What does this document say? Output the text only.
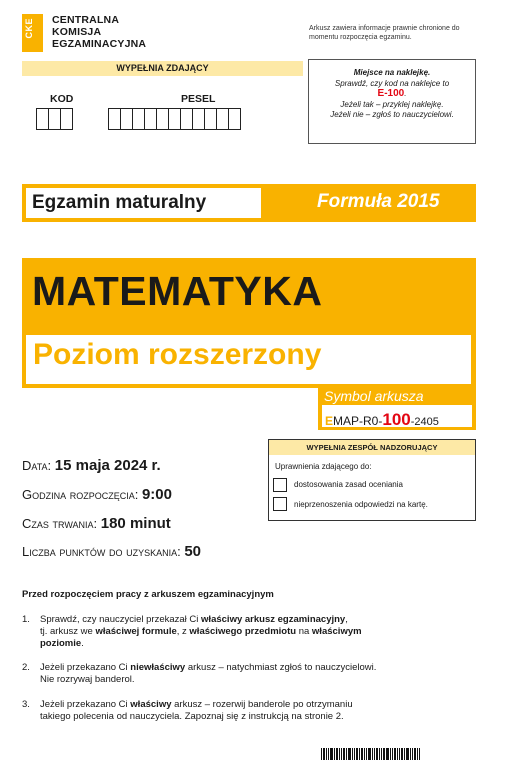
CKE CENTRALNA
KOMISJA
EGZAMINACYJNA
Arkusz zawiera informacje prawnie chronione do momentu rozpoczęcia egzaminu.
WYPEŁNIA ZDAJĄCY
KOD	PESEL
Miejsce na naklejkę.
Sprawdź, czy kod na naklejce to
E-100.
Jeżeli tak – przyklej naklejkę.
Jeżeli nie – zgłoś to nauczycielowi.
Egzamin maturalny	Formuła 2015
MATEMATYKA
Poziom rozszerzony
Symbol arkusza
EMAP-R0-100-2405
WYPEŁNIA ZESPÓŁ NADZORUJĄCY
Uprawnienia zdającego do:
dostosowania zasad oceniania
nieprzenoszenia odpowiedzi na kartę.
Data: 15 maja 2024 r.
Godzina rozpoczęcia: 9:00
Czas trwania: 180 minut
Liczba punktów do uzyskania: 50
Przed rozpoczęciem pracy z arkuszem egzaminacyjnym
1. Sprawdź, czy nauczyciel przekazał Ci właściwy arkusz egzaminacyjny,
tj. arkusz we właściwej formule, z właściwego przedmiotu na właściwym
poziomie.
2. Jeżeli przekazano Ci niewłaściwy arkusz – natychmiast zgłoś to nauczycielowi.
Nie rozrywaj banderol.
3. Jeżeli przekazano Ci właściwy arkusz – rozerwij banderole po otrzymaniu
takiego polecenia od nauczyciela. Zapoznaj się z instrukcją na stronie 2.
